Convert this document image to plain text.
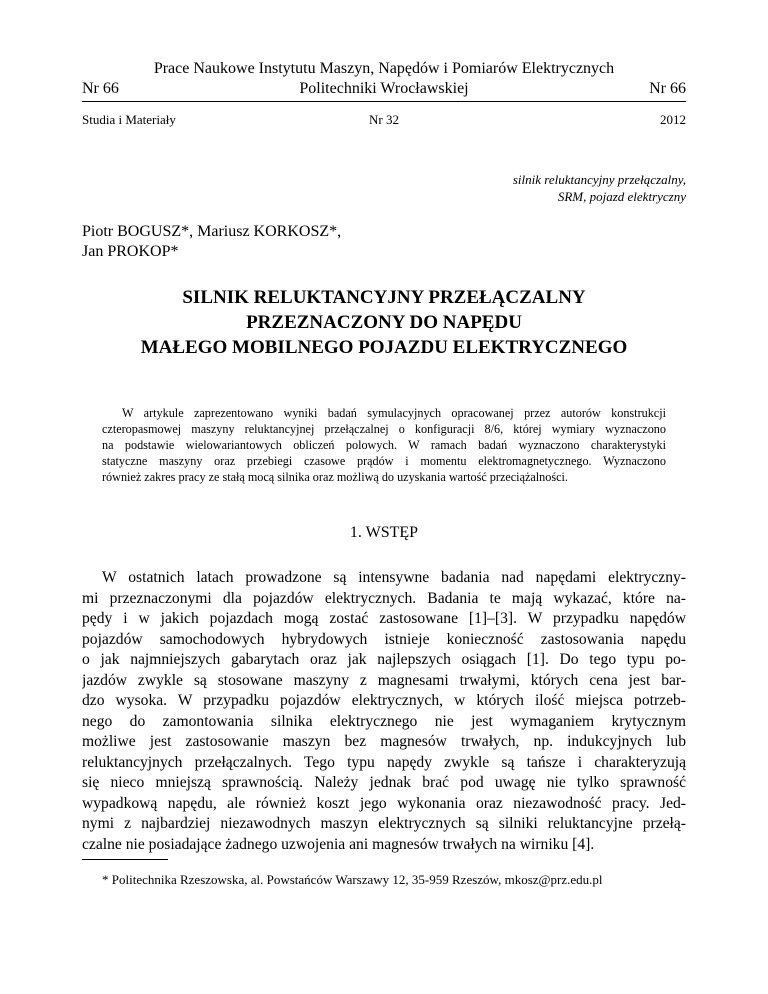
Prace Naukowe Instytutu Maszyn, Napędów i Pomiarów Elektrycznych
Nr 66	Politechniki Wrocławskiej	Nr 66
Studia i Materiały	Nr 32	2012
silnik reluktancyjny przełączalny,
SRM, pojazd elektryczny
Piotr BOGUSZ*, Mariusz KORKOSZ*,
Jan PROKOP*
SILNIK RELUKTANCYJNY PRZEŁĄCZALNY
PRZEZNACZONY DO NAPĘDU
MAŁEGO MOBILNEGO POJAZDU ELEKTRYCZNEGO
W artykule zaprezentowano wyniki badań symulacyjnych opracowanej przez autorów konstrukcji
czteropasmowej maszyny reluktancyjnej przełączalnej o konfiguracji 8/6, której wymiary wyznaczono
na podstawie wielowariantowych obliczeń polowych. W ramach badań wyznaczono charakterystyki
statyczne maszyny oraz przebiegi czasowe prądów i momentu elektromagnetycznego. Wyznaczono
również zakres pracy ze stałą mocą silnika oraz możliwą do uzyskania wartość przeciążalności.
1. WSTĘP
W ostatnich latach prowadzone są intensywne badania nad napędami elektryczny-
mi przeznaczonymi dla pojazdów elektrycznych. Badania te mają wykazać, które na-
pędy i w jakich pojazdach mogą zostać zastosowane [1]–[3]. W przypadku napędów
pojazdów samochodowych hybrydowych istnieje konieczność zastosowania napędu
o jak najmniejszych gabarytach oraz jak najlepszych osiągach [1]. Do tego typu po-
jazdów zwykle są stosowane maszyny z magnesami trwałymi, których cena jest bar-
dzo wysoka. W przypadku pojazdów elektrycznych, w których ilość miejsca potrzeb-
nego do zamontowania silnika elektrycznego nie jest wymaganiem krytycznym
możliwe jest zastosowanie maszyn bez magnesów trwałych, np. indukcyjnych lub
reluktancyjnych przełączalnych. Tego typu napędy zwykle są tańsze i charakteryzują
się nieco mniejszą sprawnością. Należy jednak brać pod uwagę nie tylko sprawność
wypadkową napędu, ale również koszt jego wykonania oraz niezawodność pracy. Jed-
nymi z najbardziej niezawodnych maszyn elektrycznych są silniki reluktancyjne przełą-
czalne nie posiadające żadnego uzwojenia ani magnesów trwałych na wirniku [4].
* Politechnika Rzeszowska, al. Powstańców Warszawy 12, 35-959 Rzeszów, mkosz@prz.edu.pl
